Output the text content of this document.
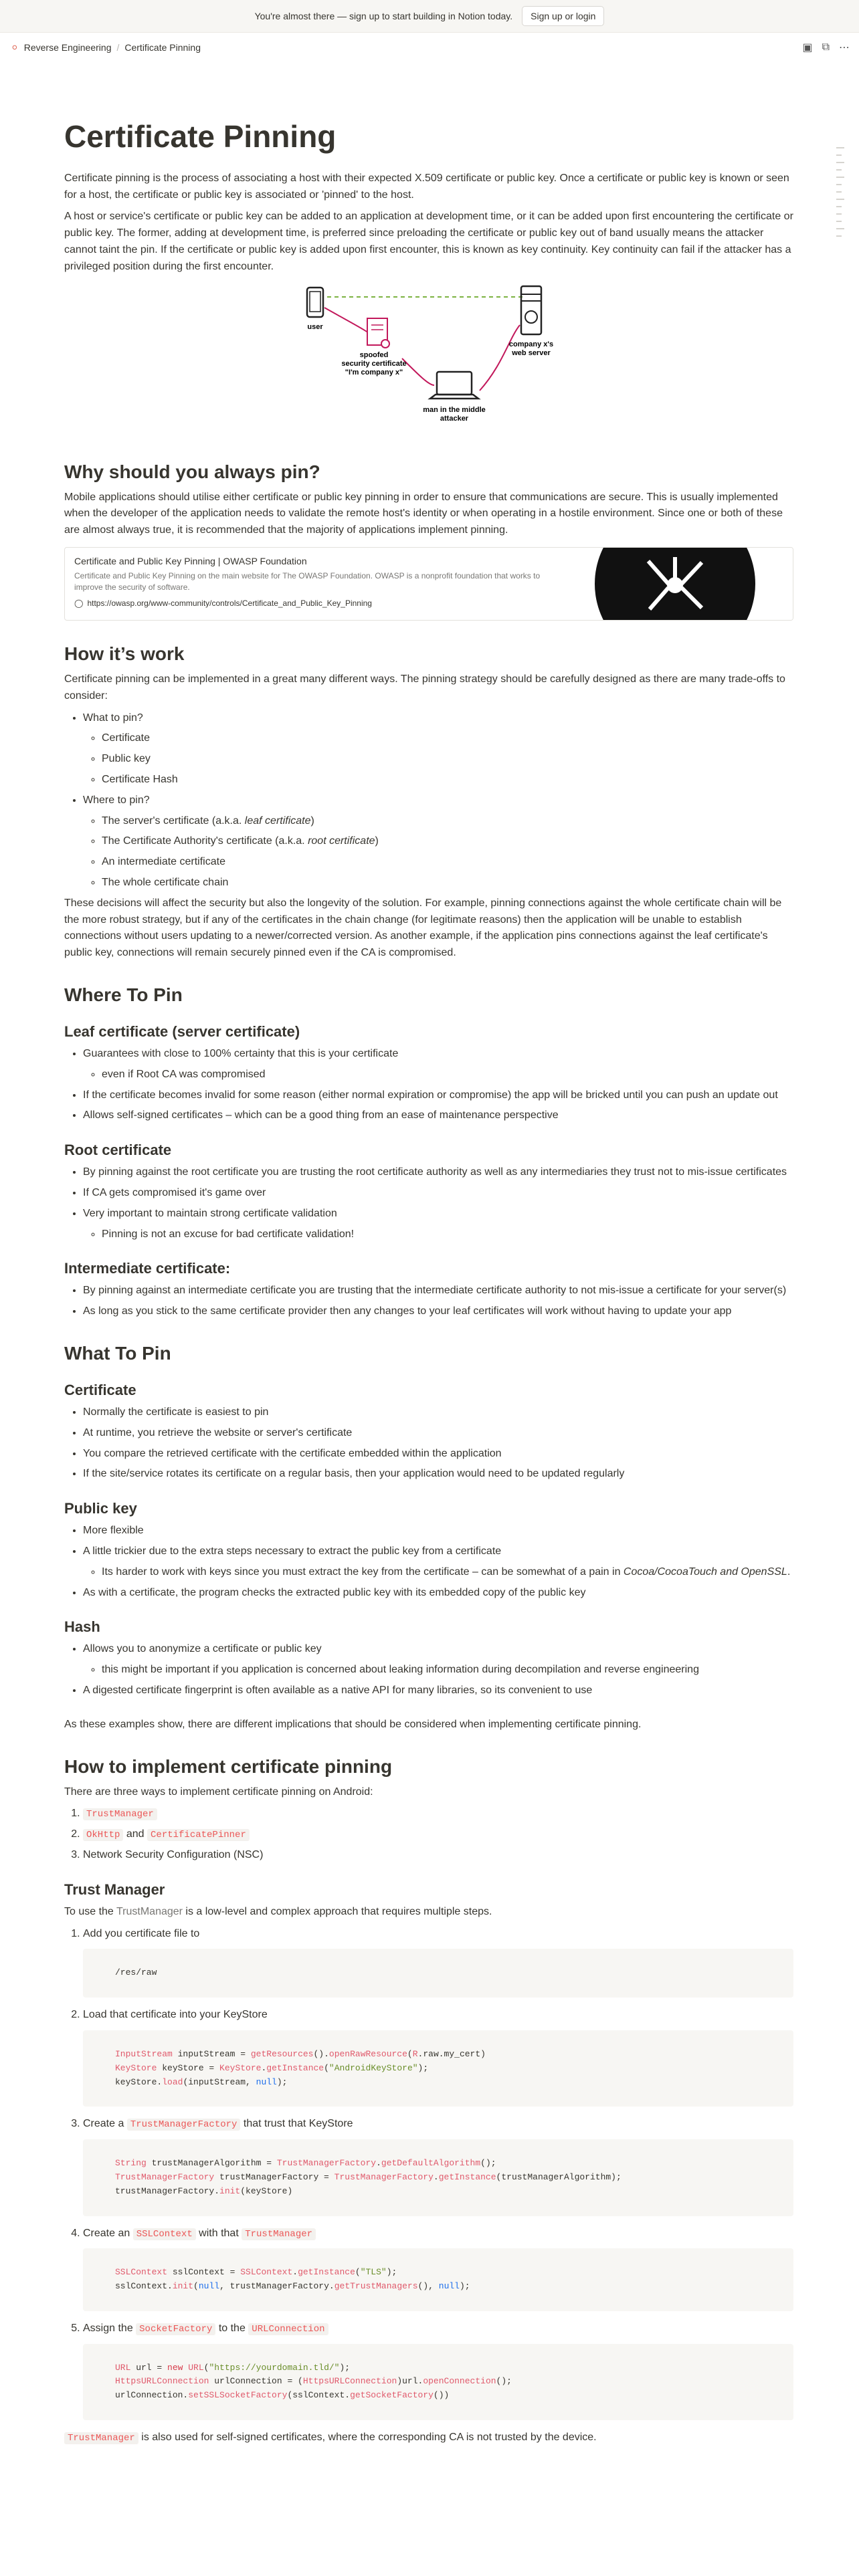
You're almost there — sign up to start building in Notion today.	Sign up or login
⚪ Reverse Engineering / Certificate Pinning	▣ ⧉ ⋯
Certificate Pinning

Certificate pinning is the process of associating a host with their expected X.509 certificate or public key. Once a certificate or public key is known or seen for a host, the certificate or public key is associated or 'pinned' to the host.

A host or service's certificate or public key can be added to an application at development time, or it can be added upon first encountering the certificate or public key. The former, adding at development time, is preferred since preloading the certificate or public key out of band usually means the attacker cannot taint the pin. If the certificate or public key is added upon first encounter, this is known as key continuity. Key continuity can fail if the attacker has a privileged position during the first encounter.

user
spoofed
security certificate
"I'm company x"
man in the middle
attacker
company x's
web server
Why should you always pin?

Mobile applications should utilise either certificate or public key pinning in order to ensure that communications are secure. This is usually implemented when the developer of the application needs to validate the remote host's identity or when operating in a hostile environment. Since one or both of these are almost always true, it is recommended that the majority of applications implement pinning.

Certificate and Public Key Pinning | OWASP Foundation
Certificate and Public Key Pinning on the main website for The OWASP Foundation. OWASP is a nonprofit foundation that works to improve the security of software.
◯ https://owasp.org/www-community/controls/Certificate_and_Public_Key_Pinning
How it’s work

Certificate pinning can be implemented in a great many different ways. The pinning strategy should be carefully designed as there are many trade-offs to consider:

• What to pin?
◦ Certificate
◦ Public key
◦ Certificate Hash
• Where to pin?
◦ The server's certificate (a.k.a. leaf certificate)
◦ The Certificate Authority's certificate (a.k.a. root certificate)
◦ An intermediate certificate
◦ The whole certificate chain

These decisions will affect the security but also the longevity of the solution. For example, pinning connections against the whole certificate chain will be the more robust strategy, but if any of the certificates in the chain change (for legitimate reasons) then the application will be unable to establish connections without users updating to a newer/corrected version. As another example, if the application pins connections against the leaf certificate's public key, connections will remain securely pinned even if the CA is compromised.

Where To Pin
Leaf certificate (server certificate)
• Guarantees with close to 100% certainty that this is your certificate
◦ even if Root CA was compromised
• If the certificate becomes invalid for some reason (either normal expiration or compromise) the app will be bricked until you can push an update out
• Allows self-signed certificates – which can be a good thing from an ease of maintenance perspective
Root certificate
• By pinning against the root certificate you are trusting the root certificate authority as well as any intermediaries they trust not to mis-issue certificates
• If CA gets compromised it's game over
• Very important to maintain strong certificate validation
◦ Pinning is not an excuse for bad certificate validation!
Intermediate certificate:
• By pinning against an intermediate certificate you are trusting that the intermediate certificate authority to not mis-issue a certificate for your server(s)
• As long as you stick to the same certificate provider then any changes to your leaf certificates will work without having to update your app
What To Pin
Certificate
• Normally the certificate is easiest to pin
• At runtime, you retrieve the website or server's certificate
• You compare the retrieved certificate with the certificate embedded within the application
• If the site/service rotates its certificate on a regular basis, then your application would need to be updated regularly
Public key
• More flexible
• A little trickier due to the extra steps necessary to extract the public key from a certificate
◦ Its harder to work with keys since you must extract the key from the certificate – can be somewhat of a pain in Cocoa/CocoaTouch and OpenSSL.
• As with a certificate, the program checks the extracted public key with its embedded copy of the public key
Hash
• Allows you to anonymize a certificate or public key
◦ this might be important if you application is concerned about leaking information during decompilation and reverse engineering
• A digested certificate fingerprint is often available as a native API for many libraries, so its convenient to use

As these examples show, there are different implications that should be considered when implementing certificate pinning.

How to implement certificate pinning

There are three ways to implement certificate pinning on Android:

1. TrustManager
2. OkHttp and CertificatePinner
3. Network Security Configuration (NSC)
Trust Manager

To use the TrustManager is a low-level and complex approach that requires multiple steps.

1. Add you certificate file to
/res/raw
2. Load that certificate into your KeyStore
InputStream inputStream = getResources().openRawResource(R.raw.my_cert)
KeyStore keyStore = KeyStore.getInstance("AndroidKeyStore");
keyStore.load(inputStream, null);
3. Create a TrustManagerFactory that trust that KeyStore
String trustManagerAlgorithm = TrustManagerFactory.getDefaultAlgorithm();
TrustManagerFactory trustManagerFactory = TrustManagerFactory.getInstance(trustManagerAlgorithm);
trustManagerFactory.init(keyStore)
4. Create an SSLContext with that TrustManager
SSLContext sslContext = SSLContext.getInstance("TLS");
sslContext.init(null, trustManagerFactory.getTrustManagers(), null);
5. Assign the SocketFactory to the URLConnection
URL url = new URL("https://yourdomain.tld/");
HttpsURLConnection urlConnection = (HttpsURLConnection)url.openConnection();
urlConnection.setSSLSocketFactory(sslContext.getSocketFactory())

TrustManager is also used for self-signed certificates, where the corresponding CA is not trusted by the device.
